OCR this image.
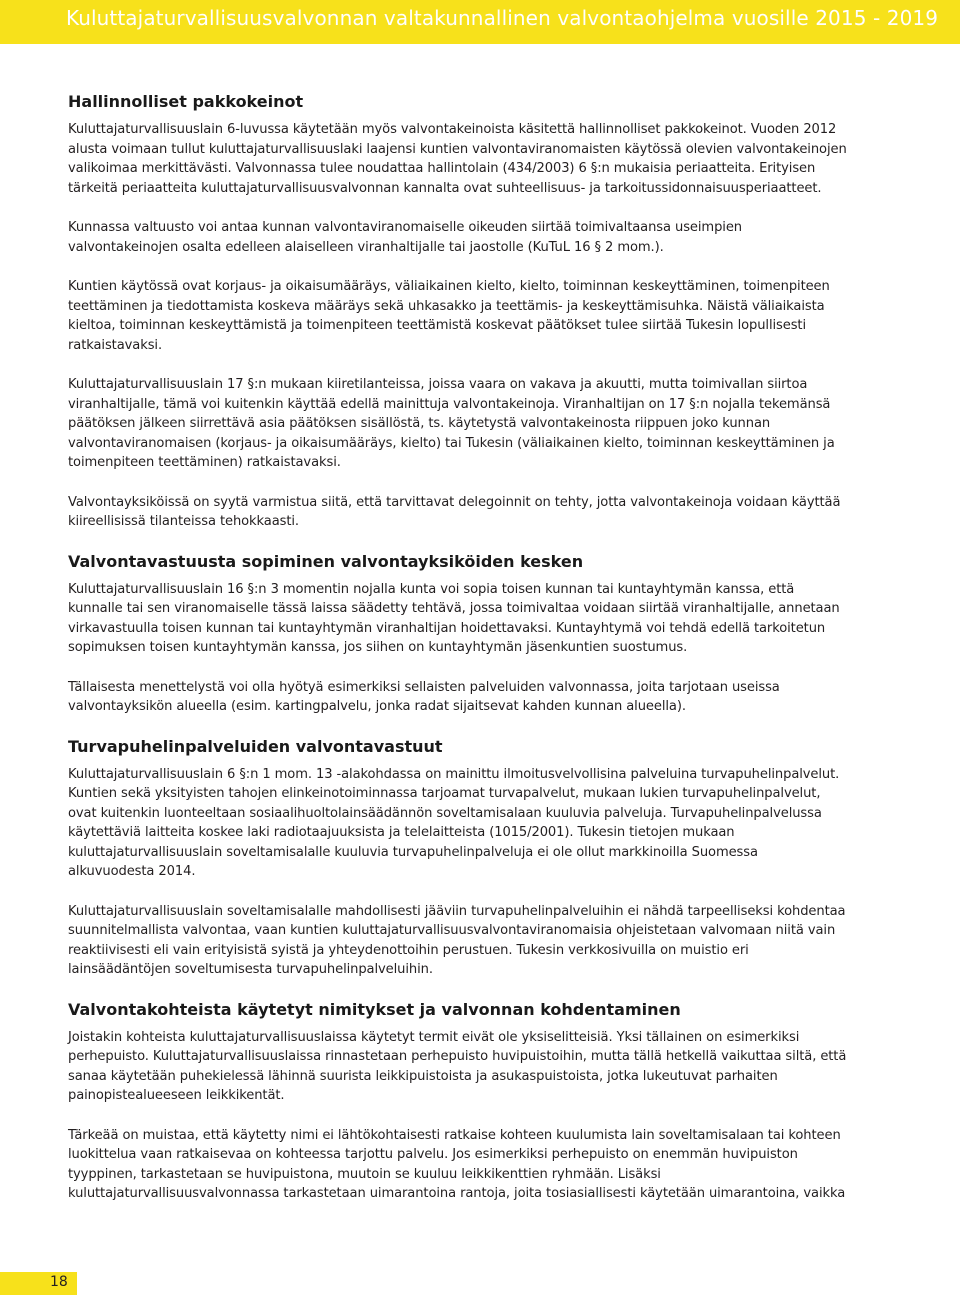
Kuluttajaturvallisuusvalvonnan valtakunnallinen valvontaohjelma vuosille 2015 - 2019
Hallinnolliset pakkokeinot

Kuluttajaturvallisuuslain 6-luvussa käytetään myös valvontakeinoista käsitettä hallinnolliset pakkokeinot. Vuoden 2012 alusta voimaan tullut kuluttajaturvallisuuslaki laajensi kuntien valvontaviranomaisten käytössä olevien valvontakeinojen valikoimaa merkittävästi. Valvonnassa tulee noudattaa hallintolain (434/2003) 6 §:n mukaisia periaatteita. Erityisen tärkeitä periaatteita kuluttajaturvallisuusvalvonnan kannalta ovat suhteellisuus- ja tarkoitussidonnaisuusperiaatteet.

Kunnassa valtuusto voi antaa kunnan valvontaviranomaiselle oikeuden siirtää toimivaltaansa useimpien valvontakeinojen osalta edelleen alaiselleen viranhaltijalle tai jaostolle (KuTuL 16 § 2 mom.).

Kuntien käytössä ovat korjaus- ja oikaisumääräys, väliaikainen kielto, kielto, toiminnan keskeyttäminen, toimenpiteen teettäminen ja tiedottamista koskeva määräys sekä uhkasakko ja teettämis- ja keskeyttämisuhka. Näistä väliaikaista kieltoa, toiminnan keskeyttämistä ja toimenpiteen teettämistä koskevat päätökset tulee siirtää Tukesin lopullisesti ratkaistavaksi.

Kuluttajaturvallisuuslain 17 §:n mukaan kiiretilanteissa, joissa vaara on vakava ja akuutti, mutta toimivallan siirtoa viranhaltijalle, tämä voi kuitenkin käyttää edellä mainittuja valvontakeinoja. Viranhaltijan on 17 §:n nojalla tekemänsä päätöksen jälkeen siirrettävä asia päätöksen sisällöstä, ts. käytetystä valvontakeinosta riippuen joko kunnan valvontaviranomaisen (korjaus- ja oikaisumääräys, kielto) tai Tukesin (väliaikainen kielto, toiminnan keskeyttäminen ja toimenpiteen teettäminen) ratkaistavaksi.

Valvontayksiköissä on syytä varmistua siitä, että tarvittavat delegoinnit on tehty, jotta valvontakeinoja voidaan käyttää kiireellisissä tilanteissa tehokkaasti.

Valvontavastuusta sopiminen valvontayksiköiden kesken

Kuluttajaturvallisuuslain 16 §:n 3 momentin nojalla kunta voi sopia toisen kunnan tai kuntayhtymän kanssa, että kunnalle tai sen viranomaiselle tässä laissa säädetty tehtävä, jossa toimivaltaa voidaan siirtää viranhaltijalle, annetaan virkavastuulla toisen kunnan tai kuntayhtymän viranhaltijan hoidettavaksi. Kuntayhtymä voi tehdä edellä tarkoitetun sopimuksen toisen kuntayhtymän kanssa, jos siihen on kuntayhtymän jäsenkuntien suostumus.

Tällaisesta menettelystä voi olla hyötyä esimerkiksi sellaisten palveluiden valvonnassa, joita tarjotaan useissa valvontayksikön alueella (esim. kartingpalvelu, jonka radat sijaitsevat kahden kunnan alueella).

Turvapuhelinpalveluiden valvontavastuut

Kuluttajaturvallisuuslain 6 §:n 1 mom. 13 -alakohdassa on mainittu ilmoitusvelvollisina palveluina turvapuhelinpalvelut. Kuntien sekä yksityisten tahojen elinkeinotoiminnassa tarjoamat turvapalvelut, mukaan lukien turvapuhelinpalvelut, ovat kuitenkin luonteeltaan sosiaalihuoltolainsäädännön soveltamisalaan kuuluvia palveluja. Turvapuhelinpalvelussa käytettäviä laitteita koskee laki radiotaajuuksista ja telelaitteista (1015/2001). Tukesin tietojen mukaan kuluttajaturvallisuuslain soveltamisalalle kuuluvia turvapuhelinpalveluja ei ole ollut markkinoilla Suomessa alkuvuodesta 2014.

Kuluttajaturvallisuuslain soveltamisalalle mahdollisesti jääviin turvapuhelinpalveluihin ei nähdä tarpeelliseksi kohdentaa suunnitelmallista valvontaa, vaan kuntien kuluttajaturvallisuusvalvontaviranomaisia ohjeistetaan valvomaan niitä vain reaktiivisesti eli vain erityisistä syistä ja yhteydenottoihin perustuen. Tukesin verkkosivuilla on muistio eri lainsäädäntöjen soveltumisesta turvapuhelinpalveluihin.

Valvontakohteista käytetyt nimitykset ja valvonnan kohdentaminen

Joistakin kohteista kuluttajaturvallisuuslaissa käytetyt termit eivät ole yksiselitteisiä. Yksi tällainen on esimerkiksi perhepuisto. Kuluttajaturvallisuuslaissa rinnastetaan perhepuisto huvipuistoihin, mutta tällä hetkellä vaikuttaa siltä, että sanaa käytetään puhekielessä lähinnä suurista leikkipuistoista ja asukaspuistoista, jotka lukeutuvat parhaiten painopistealueeseen leikkikentät.

Tärkeää on muistaa, että käytetty nimi ei lähtökohtaisesti ratkaise kohteen kuulumista lain soveltamisalaan tai kohteen luokittelua vaan ratkaisevaa on kohteessa tarjottu palvelu. Jos esimerkiksi perhepuisto on enemmän huvipuiston tyyppinen, tarkastetaan se huvipuistona, muutoin se kuuluu leikkikenttien ryhmään. Lisäksi kuluttajaturvallisuusvalvonnassa tarkastetaan uimarantoina rantoja, joita tosiasiallisesti käytetään uimarantoina, vaikka

18
